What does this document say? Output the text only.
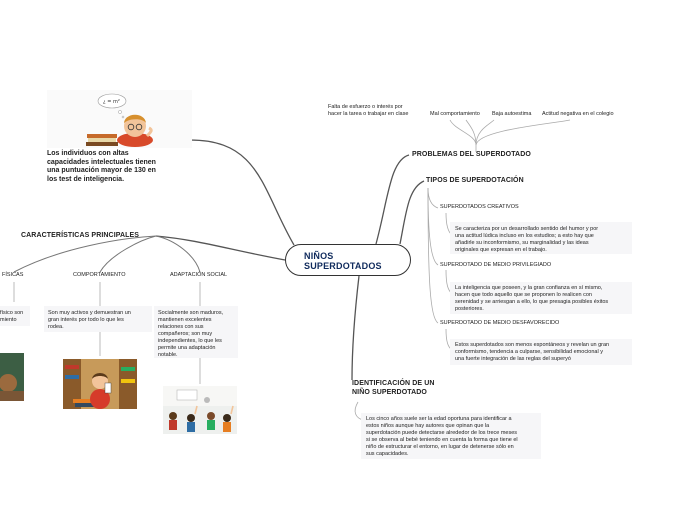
NIÑOS
SUPERDOTADOS
PROBLEMAS DEL SUPERDOTADO
Falta de esfuerzo o interés por
hacer la tarea o trabajar en clase	Mal comportamiento Baja autoestima Actitud negativa en el colegio
TIPOS DE SUPERDOTACIÓN
SUPERDOTADOS CREATIVOS
Se caracteriza por un desarrollado sentido del humor y por
una actitud lúdica incluso en los estudios; a esto hay que
añadirle su inconformismo, su marginalidad y las ideas
originales que expresan en el trabajo.
SUPERDOTADO DE MEDIO PRIVILEGIADO
La inteligencia que poseen, y la gran confianza en sí mismo,
hacen que todo aquello que se proponen lo realicen con
serenidad y se arriesgan a ello, lo que presagia posibles éxitos
posteriores.
SUPERDOTADO DE MEDIO DESFAVORECIDO
Estos superdotados son menos espontáneos y revelan un gran
conformismo, tendencia a culparse, sensibilidad emocional y
una fuerte integración de las reglas del superyó
IDENTIFICACIÓN DE UN
NIÑO SUPERDOTADO
Los cinco años suele ser la edad oportuna para identificar a
estos niños aunque hay autores que opinan que la
superdotación puede detectarse alrededor de los trece meses
si se observa al bebé teniendo en cuenta la forma que tiene el
niño de estructurar el entorno, en lugar de detenerse sólo en
sus capacidades.
¿ = m²
Los individuos con altas
capacidades intelectuales tienen
una puntuación mayor de 130 en
los test de inteligencia.
CARACTERÍSTICAS PRINCIPALES
FÍSICAS
físico son
miento
COMPORTAMIENTO
Son muy activos y demuestran un
gran interés por todo lo que les
rodea.
ADAPTACIÓN SOCIAL
Socialmente son maduros,
mantienen excelentes
relaciones con sus
compañeros; son muy
independientes, lo que les
permite una adaptación
notable.
